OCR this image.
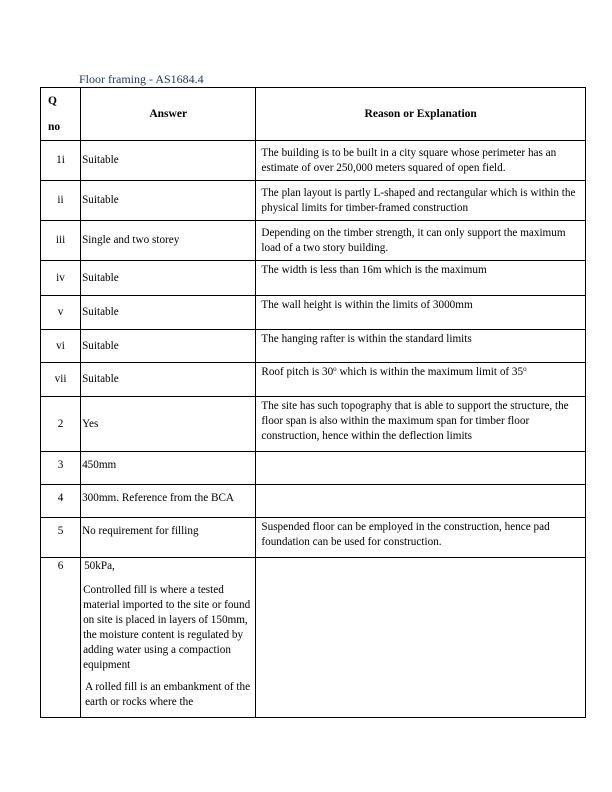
Floor framing - AS1684.4
Q
no	Answer	Reason or Explanation
1i	Suitable	The building is to be built in a city square whose perimeter has an estimate of over 250,000 meters squared of open field.
ii	Suitable	The plan layout is partly L-shaped and rectangular which is within the physical limits for timber-framed construction
iii	Single and two storey	Depending on the timber strength, it can only support the maximum load of a two story building.
iv	Suitable	The width is less than 16m which is the maximum
v	Suitable	The wall height is within the limits of 3000mm
vi	Suitable	The hanging rafter is within the standard limits
vii	Suitable	Roof pitch is 30$^o$ which is within the maximum limit of 35$^o$
2	Yes	The site has such topography that is able to support the structure, the floor span is also within the maximum span for timber floor construction, hence within the deflection limits
3	450mm	
4	300mm. Reference from the BCA	
5	No requirement for filling	Suspended floor can be employed in the construction, hence pad foundation can be used for construction.
6	50kPa,

Controlled fill is where a tested material imported to the site or found on site is placed in layers of 150mm, the moisture content is regulated by adding water using a compaction equipment

A rolled fill is an embankment of the earth or rocks where the	
